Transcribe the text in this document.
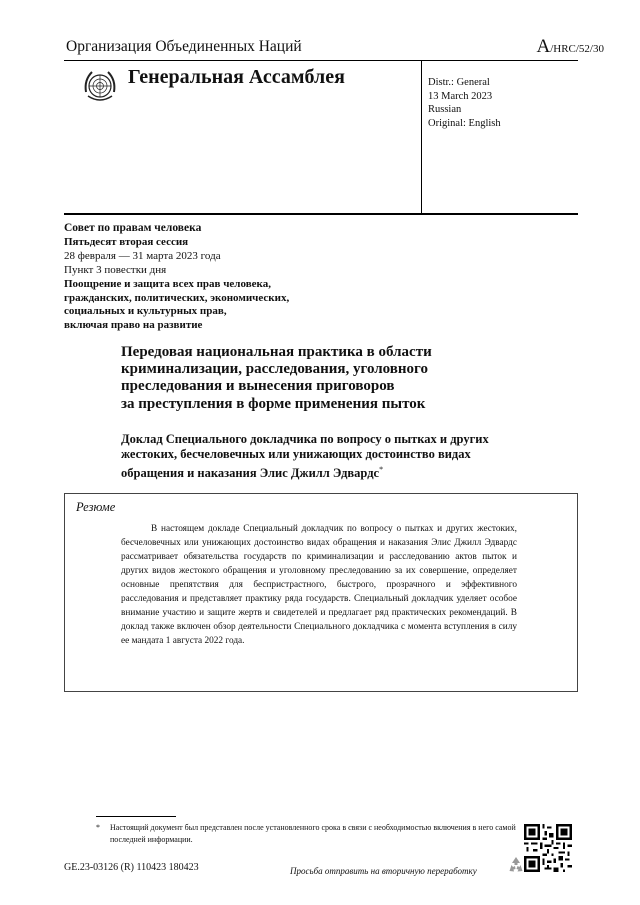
Организация Объединенных Наций	A/HRC/52/30
Генеральная Ассамблея	Distr.: General
13 March 2023
Russian
Original: English
Совет по правам человека
Пятьдесят вторая сессия
28 февраля — 31 марта 2023 года
Пункт 3 повестки дня
Поощрение и защита всех прав человека,
гражданских, политических, экономических,
социальных и культурных прав,
включая право на развитие
Передовая национальная практика в области
криминализации, расследования, уголовного
преследования и вынесения приговоров
за преступления в форме применения пыток
Доклад Специального докладчика по вопросу о пытках и других
жестоких, бесчеловечных или унижающих достоинство видах
обращения и наказания Элис Джилл Эдвардс*
Резюме
В настоящем докладе Специальный докладчик по вопросу о пытках и других жестоких, бесчеловечных или унижающих достоинство видах обращения и наказания Элис Джилл Эдвардс рассматривает обязательства государств по криминализации и расследованию актов пыток и других видов жестокого обращения и уголовному преследованию за их совершение, определяет основные препятствия для беспристрастного, быстрого, прозрачного и эффективного расследования и представляет практику ряда государств. Специальный докладчик уделяет особое внимание участию и защите жертв и свидетелей и предлагает ряд практических рекомендаций. В доклад также включен обзор деятельности Специального докладчика с момента вступления в силу ее мандата 1 августа 2022 года.
* Настоящий документ был представлен после установленного срока в связи с необходимостью включения в него самой последней информации.
GE.23-03126 (R) 110423 180423	Просьба отправить на вторичную переработку
